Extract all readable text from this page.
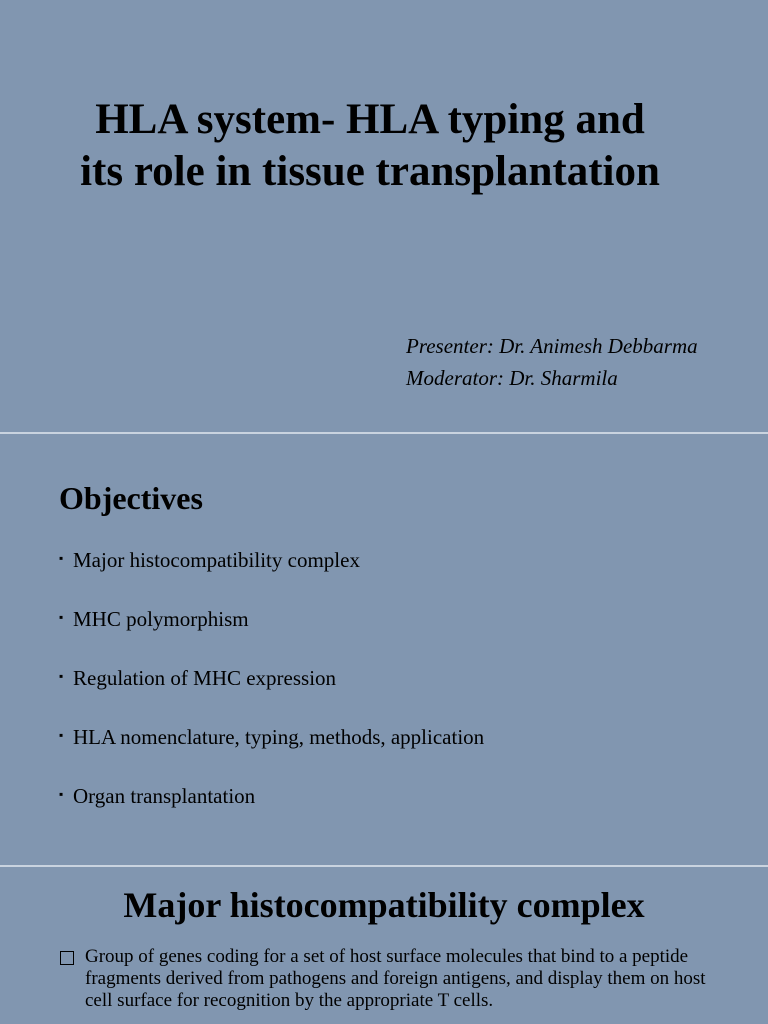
HLA system- HLA typing and
its role in tissue transplantation
Presenter: Dr. Animesh Debbarma
Moderator: Dr. Sharmila
Objectives
▪ Major histocompatibility complex
▪ MHC polymorphism
▪ Regulation of MHC expression
▪ HLA nomenclature, typing, methods, application
▪ Organ transplantation
Major histocompatibility complex
Group of genes coding for a set of host surface molecules that bind to a peptide fragments derived from pathogens and foreign antigens, and display them on host cell surface for recognition by the appropriate T cells.
